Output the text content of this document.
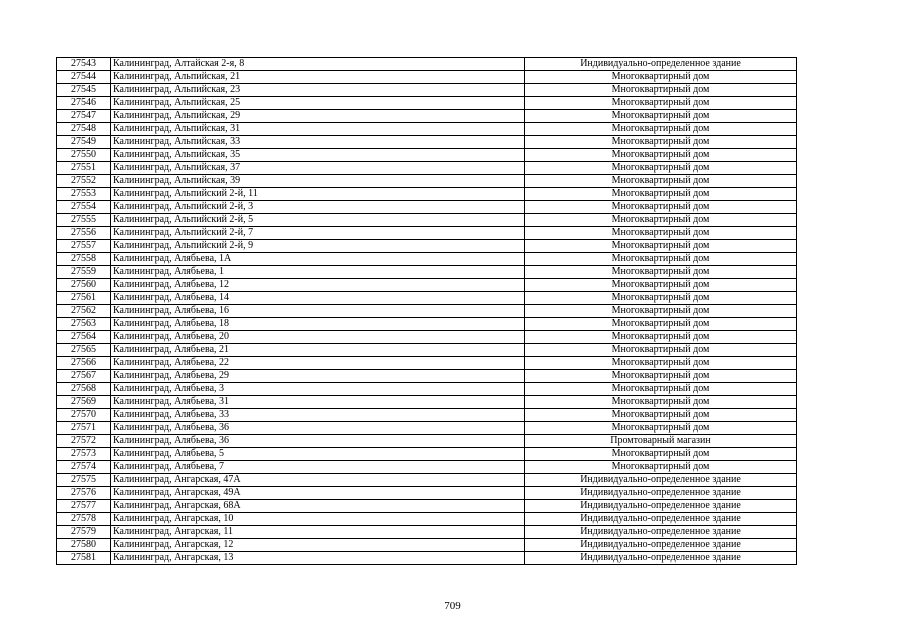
27543	Калининград, Алтайская 2-я, 8	Индивидуально-определенное здание
27544	Калининград, Альпийская, 21	Многоквартирный дом
27545	Калининград, Альпийская, 23	Многоквартирный дом
27546	Калининград, Альпийская, 25	Многоквартирный дом
27547	Калининград, Альпийская, 29	Многоквартирный дом
27548	Калининград, Альпийская, 31	Многоквартирный дом
27549	Калининград, Альпийская, 33	Многоквартирный дом
27550	Калининград, Альпийская, 35	Многоквартирный дом
27551	Калининград, Альпийская, 37	Многоквартирный дом
27552	Калининград, Альпийская, 39	Многоквартирный дом
27553	Калининград, Альпийский 2-й, 11	Многоквартирный дом
27554	Калининград, Альпийский 2-й, 3	Многоквартирный дом
27555	Калининград, Альпийский 2-й, 5	Многоквартирный дом
27556	Калининград, Альпийский 2-й, 7	Многоквартирный дом
27557	Калининград, Альпийский 2-й, 9	Многоквартирный дом
27558	Калининград, Алябьева, 1А	Многоквартирный дом
27559	Калининград, Алябьева, 1	Многоквартирный дом
27560	Калининград, Алябьева, 12	Многоквартирный дом
27561	Калининград, Алябьева, 14	Многоквартирный дом
27562	Калининград, Алябьева, 16	Многоквартирный дом
27563	Калининград, Алябьева, 18	Многоквартирный дом
27564	Калининград, Алябьева, 20	Многоквартирный дом
27565	Калининград, Алябьева, 21	Многоквартирный дом
27566	Калининград, Алябьева, 22	Многоквартирный дом
27567	Калининград, Алябьева, 29	Многоквартирный дом
27568	Калининград, Алябьева, 3	Многоквартирный дом
27569	Калининград, Алябьева, 31	Многоквартирный дом
27570	Калининград, Алябьева, 33	Многоквартирный дом
27571	Калининград, Алябьева, 36	Многоквартирный дом
27572	Калининград, Алябьева, 36	Промтоварный магазин
27573	Калининград, Алябьева, 5	Многоквартирный дом
27574	Калининград, Алябьева, 7	Многоквартирный дом
27575	Калининград, Ангарская, 47А	Индивидуально-определенное здание
27576	Калининград, Ангарская, 49А	Индивидуально-определенное здание
27577	Калининград, Ангарская, 68А	Индивидуально-определенное здание
27578	Калининград, Ангарская, 10	Индивидуально-определенное здание
27579	Калининград, Ангарская, 11	Индивидуально-определенное здание
27580	Калининград, Ангарская, 12	Индивидуально-определенное здание
27581	Калининград, Ангарская, 13	Индивидуально-определенное здание
709
